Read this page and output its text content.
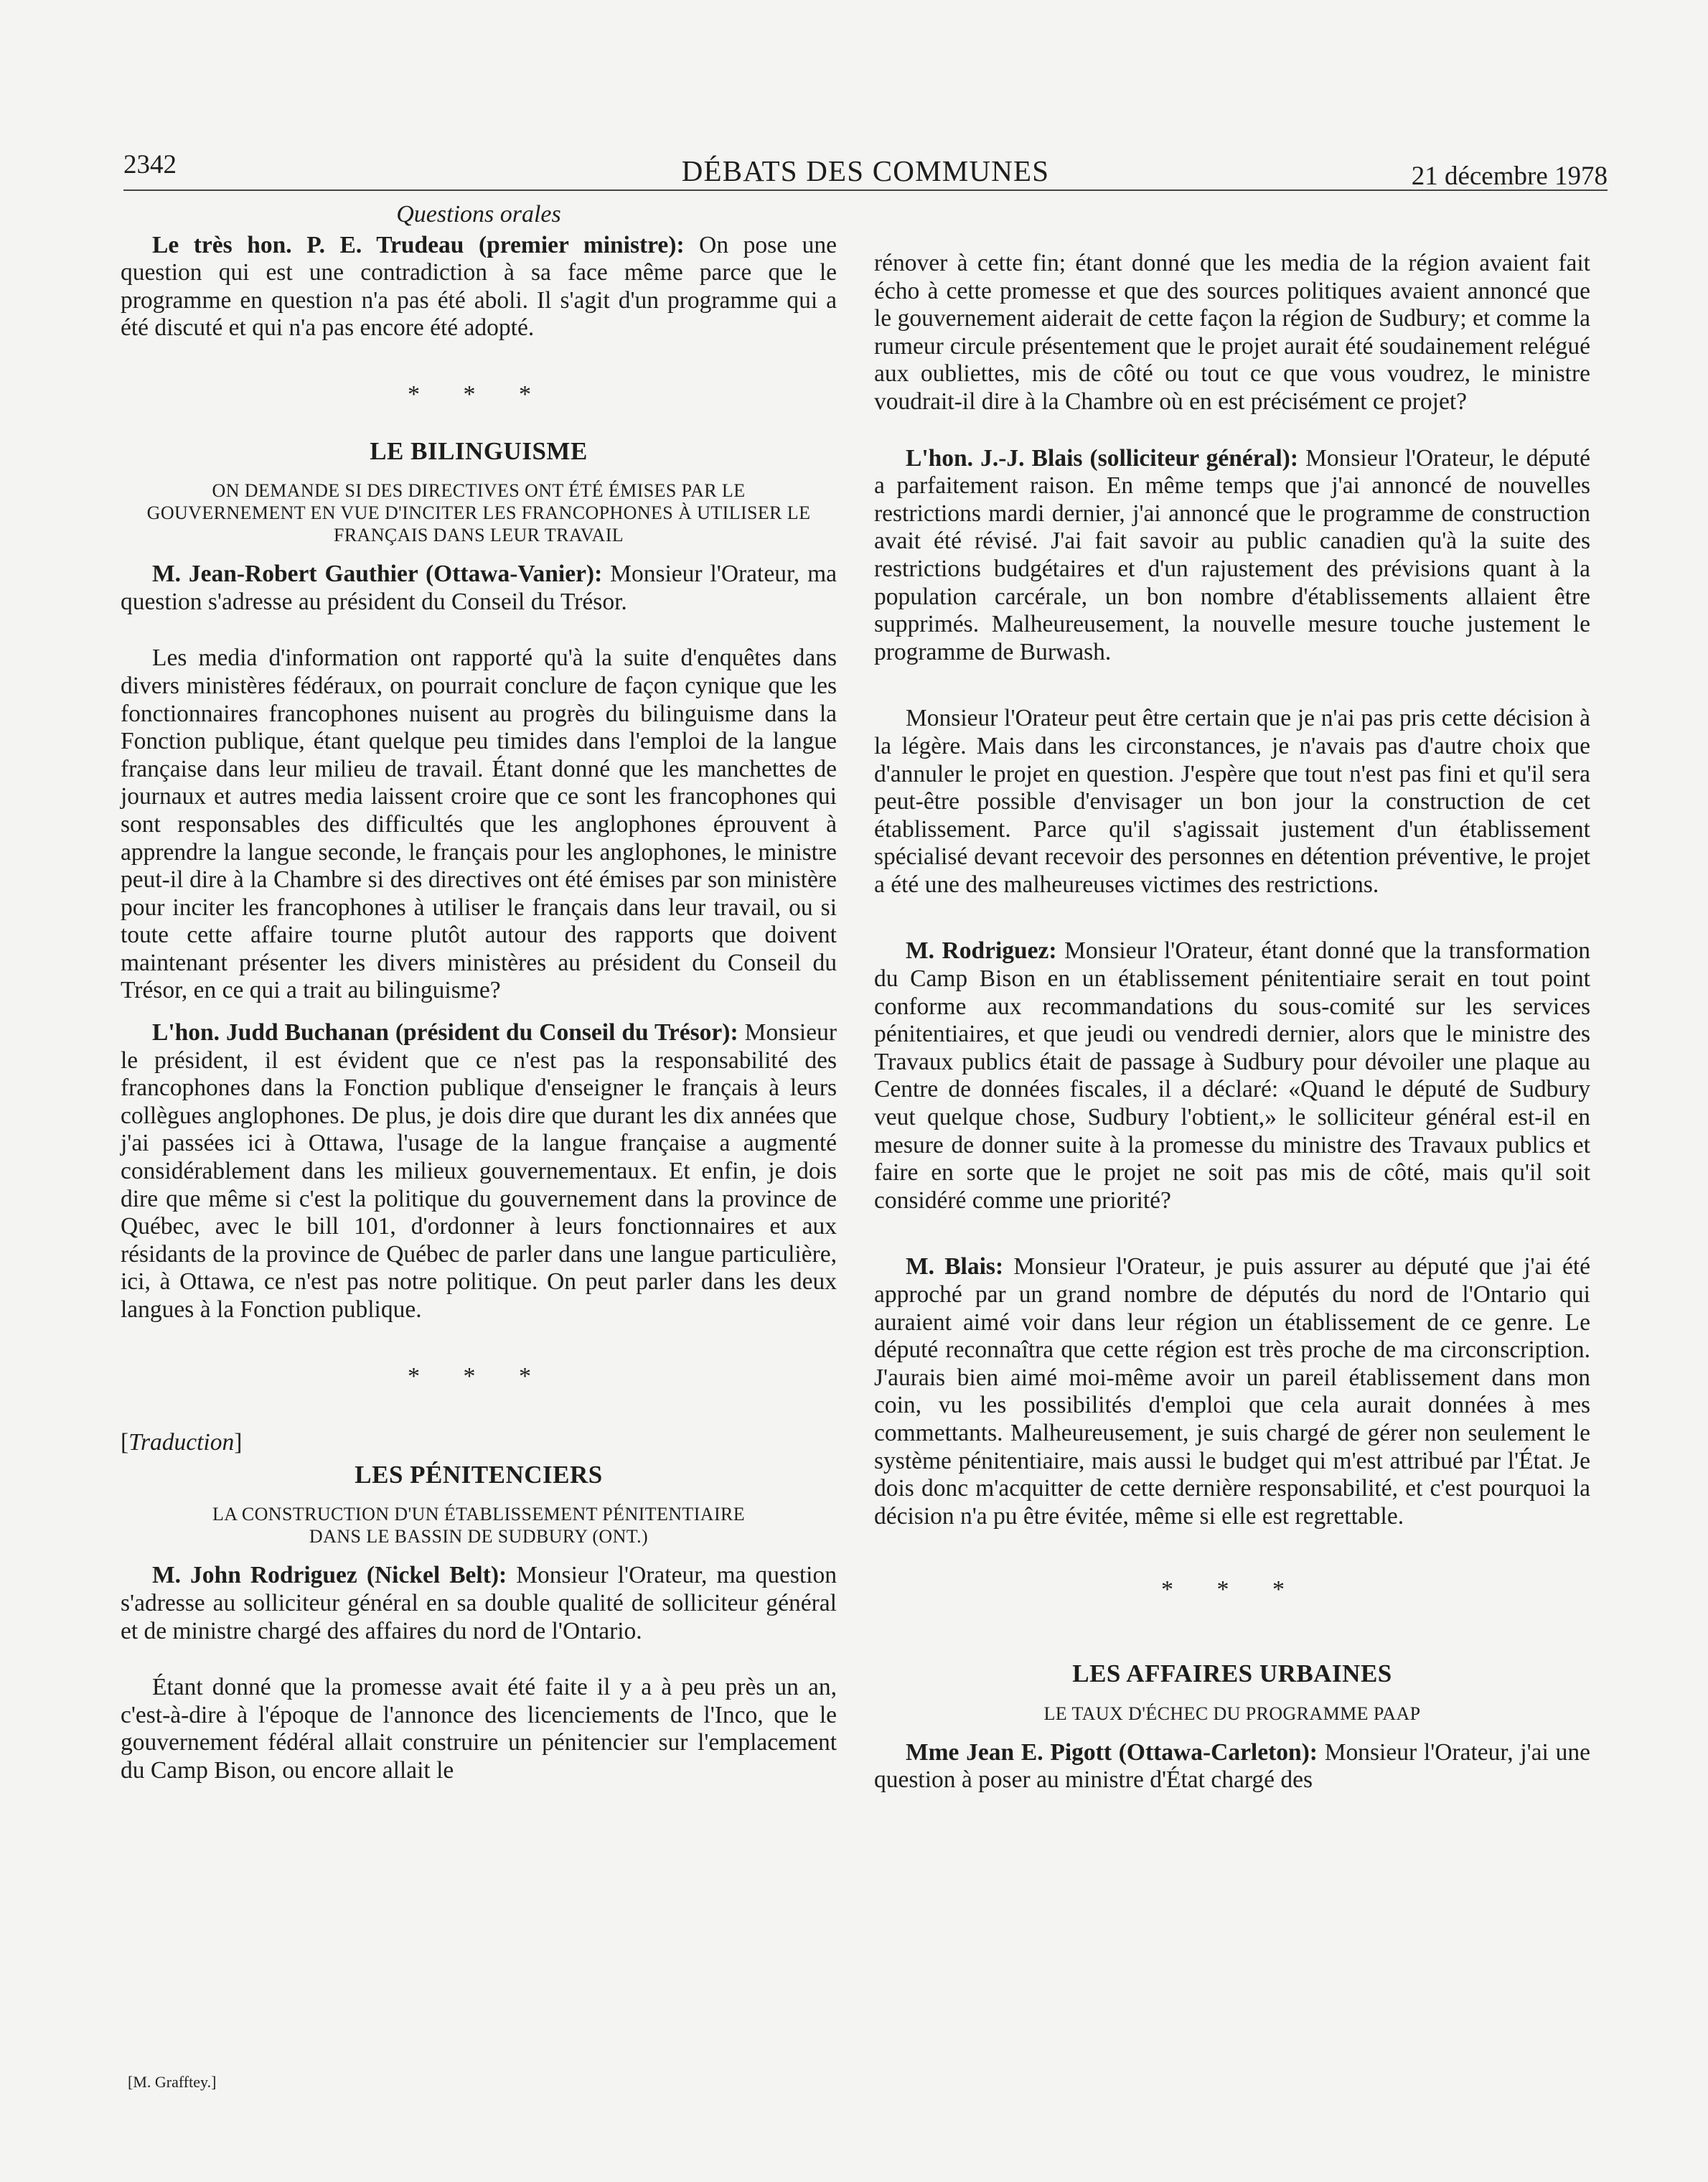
2342	DÉBATS DES COMMUNES	21 décembre 1978
Questions orales

Le très hon. P. E. Trudeau (premier ministre): On pose une question qui est une contradiction à sa face même parce que le programme en question n'a pas été aboli. Il s'agit d'un programme qui a été discuté et qui n'a pas encore été adopté.

* * *
LE BILINGUISME
ON DEMANDE SI DES DIRECTIVES ONT ÉTÉ ÉMISES PAR LE GOUVERNEMENT EN VUE D'INCITER LES FRANCOPHONES À UTILISER LE FRANÇAIS DANS LEUR TRAVAIL

M. Jean-Robert Gauthier (Ottawa-Vanier): Monsieur l'Orateur, ma question s'adresse au président du Conseil du Trésor.

Les media d'information ont rapporté qu'à la suite d'enquêtes dans divers ministères fédéraux, on pourrait conclure de façon cynique que les fonctionnaires francophones nuisent au progrès du bilinguisme dans la Fonction publique, étant quelque peu timides dans l'emploi de la langue française dans leur milieu de travail. Étant donné que les manchettes de journaux et autres media laissent croire que ce sont les francophones qui sont responsables des difficultés que les anglophones éprouvent à apprendre la langue seconde, le français pour les anglophones, le ministre peut-il dire à la Chambre si des directives ont été émises par son ministère pour inciter les francophones à utiliser le français dans leur travail, ou si toute cette affaire tourne plutôt autour des rapports que doivent maintenant présenter les divers ministères au président du Conseil du Trésor, en ce qui a trait au bilinguisme?

L'hon. Judd Buchanan (président du Conseil du Trésor): Monsieur le président, il est évident que ce n'est pas la responsabilité des francophones dans la Fonction publique d'enseigner le français à leurs collègues anglophones. De plus, je dois dire que durant les dix années que j'ai passées ici à Ottawa, l'usage de la langue française a augmenté considérablement dans les milieux gouvernementaux. Et enfin, je dois dire que même si c'est la politique du gouvernement dans la province de Québec, avec le bill 101, d'ordonner à leurs fonctionnaires et aux résidants de la province de Québec de parler dans une langue particulière, ici, à Ottawa, ce n'est pas notre politique. On peut parler dans les deux langues à la Fonction publique.

* * *
[Traduction]
LES PÉNITENCIERS
LA CONSTRUCTION D'UN ÉTABLISSEMENT PÉNITENTIAIRE DANS LE BASSIN DE SUDBURY (ONT.)

M. John Rodriguez (Nickel Belt): Monsieur l'Orateur, ma question s'adresse au solliciteur général en sa double qualité de solliciteur général et de ministre chargé des affaires du nord de l'Ontario.

Étant donné que la promesse avait été faite il y a à peu près un an, c'est-à-dire à l'époque de l'annonce des licenciements de l'Inco, que le gouvernement fédéral allait construire un pénitencier sur l'emplacement du Camp Bison, ou encore allait le

[M. Grafftey.]

rénover à cette fin; étant donné que les media de la région avaient fait écho à cette promesse et que des sources politiques avaient annoncé que le gouvernement aiderait de cette façon la région de Sudbury; et comme la rumeur circule présentement que le projet aurait été soudainement relégué aux oubliettes, mis de côté ou tout ce que vous voudrez, le ministre voudrait-il dire à la Chambre où en est précisément ce projet?

L'hon. J.-J. Blais (solliciteur général): Monsieur l'Orateur, le député a parfaitement raison. En même temps que j'ai annoncé de nouvelles restrictions mardi dernier, j'ai annoncé que le programme de construction avait été révisé. J'ai fait savoir au public canadien qu'à la suite des restrictions budgétaires et d'un rajustement des prévisions quant à la population carcérale, un bon nombre d'établissements allaient être supprimés. Malheureusement, la nouvelle mesure touche justement le programme de Burwash.

Monsieur l'Orateur peut être certain que je n'ai pas pris cette décision à la légère. Mais dans les circonstances, je n'avais pas d'autre choix que d'annuler le projet en question. J'espère que tout n'est pas fini et qu'il sera peut-être possible d'envisager un bon jour la construction de cet établissement. Parce qu'il s'agissait justement d'un établissement spécialisé devant recevoir des personnes en détention préventive, le projet a été une des malheureuses victimes des restrictions.

M. Rodriguez: Monsieur l'Orateur, étant donné que la transformation du Camp Bison en un établissement pénitentiaire serait en tout point conforme aux recommandations du sous-comité sur les services pénitentiaires, et que jeudi ou vendredi dernier, alors que le ministre des Travaux publics était de passage à Sudbury pour dévoiler une plaque au Centre de données fiscales, il a déclaré: «Quand le député de Sudbury veut quelque chose, Sudbury l'obtient,» le solliciteur général est-il en mesure de donner suite à la promesse du ministre des Travaux publics et faire en sorte que le projet ne soit pas mis de côté, mais qu'il soit considéré comme une priorité?

M. Blais: Monsieur l'Orateur, je puis assurer au député que j'ai été approché par un grand nombre de députés du nord de l'Ontario qui auraient aimé voir dans leur région un établissement de ce genre. Le député reconnaîtra que cette région est très proche de ma circonscription. J'aurais bien aimé moi-même avoir un pareil établissement dans mon coin, vu les possibilités d'emploi que cela aurait données à mes commettants. Malheureusement, je suis chargé de gérer non seulement le système pénitentiaire, mais aussi le budget qui m'est attribué par l'État. Je dois donc m'acquitter de cette dernière responsabilité, et c'est pourquoi la décision n'a pu être évitée, même si elle est regrettable.

* * *
LES AFFAIRES URBAINES
LE TAUX D'ÉCHEC DU PROGRAMME PAAP

Mme Jean E. Pigott (Ottawa-Carleton): Monsieur l'Orateur, j'ai une question à poser au ministre d'État chargé des
